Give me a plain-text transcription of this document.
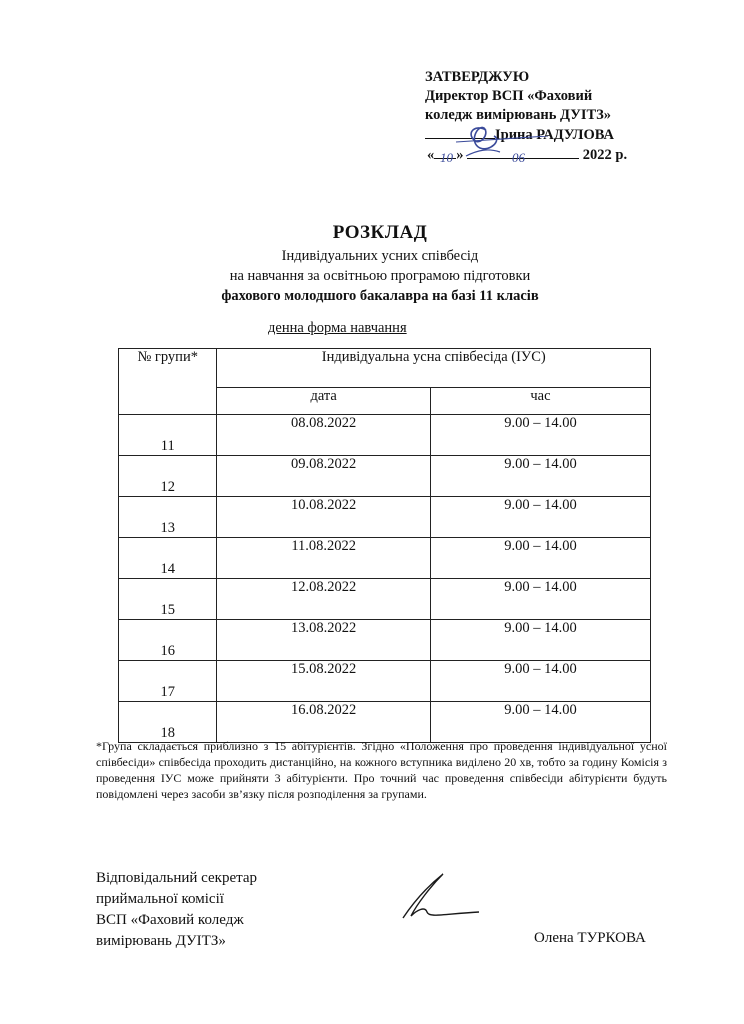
ЗАТВЕРДЖУЮ
Директор ВСП «Фаховий
коледж вимірювань ДУІТЗ»
Ірина РАДУЛОВА
« »	2022 р.
10	06
РОЗКЛАД
Індивідуальних усних співбесід
на навчання за освітньою програмою підготовки
фахового молодшого бакалавра на базі 11 класів
денна форма навчання
№ групи*	Індивідуальна усна співбесіда (ІУС)	
	дата	час
11	08.08.2022	9.00 – 14.00
12	09.08.2022	9.00 – 14.00
13	10.08.2022	9.00 – 14.00
14	11.08.2022	9.00 – 14.00
15	12.08.2022	9.00 – 14.00
16	13.08.2022	9.00 – 14.00
17	15.08.2022	9.00 – 14.00
18	16.08.2022	9.00 – 14.00
*Група складається приблизно з 15 абітурієнтів. Згідно «Положення про проведення індивідуальної усної співбесіди» співбесіда проходить дистанційно, на кожного вступника виділено 20 хв, тобто за годину Комісія з проведення ІУС може прийняти 3 абітурієнти. Про точний час проведення співбесіди абітурієнти будуть повідомлені через засоби зв’язку після розподілення за групами.
Відповідальний секретар
приймальної комісії
ВСП «Фаховий коледж
вимірювань ДУІТЗ»	Олена ТУРКОВА
